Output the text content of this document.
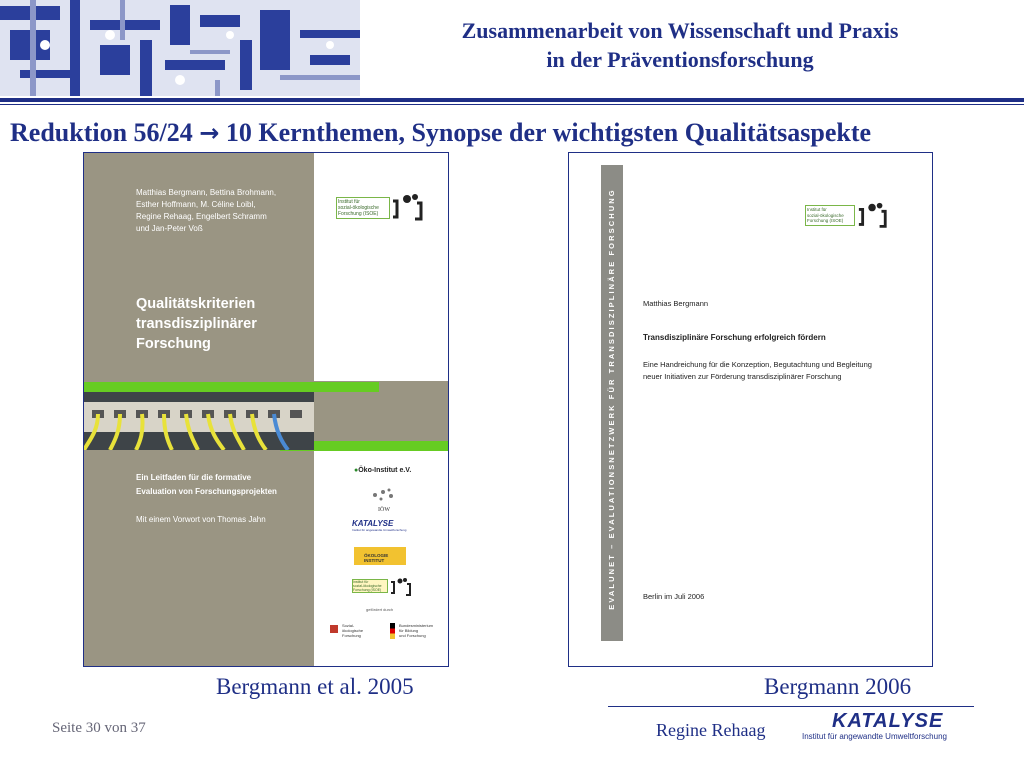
Zusammenarbeit von Wissenschaft und Praxis
in der Präventionsforschung
Reduktion 56/24 → 10 Kernthemen, Synopse der wichtigsten Qualitätsaspekte
Matthias Bergmann, Bettina Brohmann,
Esther Hoffmann, M. Céline Loibl,
Regine Rehaag, Engelbert Schramm
und Jan-Peter Voß
Qualitätskriterien
transdisziplinärer
Forschung
Ein Leitfaden für die formative
Evaluation von Forschungsprojekten
Mit einem Vorwort von Thomas Jahn
Institut für
sozial-ökologische
Forschung (ISOE)
●Öko-Institut e.V.
IÖW
KATALYSE
Institut für angewandte Umweltforschung
ÖKOLOGIE INSTITUT
Institut für
sozial-ökologische
Forschung (ISOE)
gefördert durch
Sozial-
ökologische
Forschung
Bundesministerium
für Bildung
und Forschung
EVALUNET – EVALUATIONSNETZWERK FÜR TRANSDISZIPLINÄRE FORSCHUNG	Institut für
sozial-ökologische
Forschung (ISOE)
Matthias Bergmann
Transdisziplinäre Forschung erfolgreich fördern
Eine Handreichung für die Konzeption, Begutachtung und Begleitung
neuer Initiativen zur Förderung transdisziplinärer Forschung
Berlin im Juli 2006
Bergmann et al. 2005	Bergmann 2006
Seite 30 von 37	Regine Rehaag	KATALYSE
Institut für angewandte Umweltforschung
